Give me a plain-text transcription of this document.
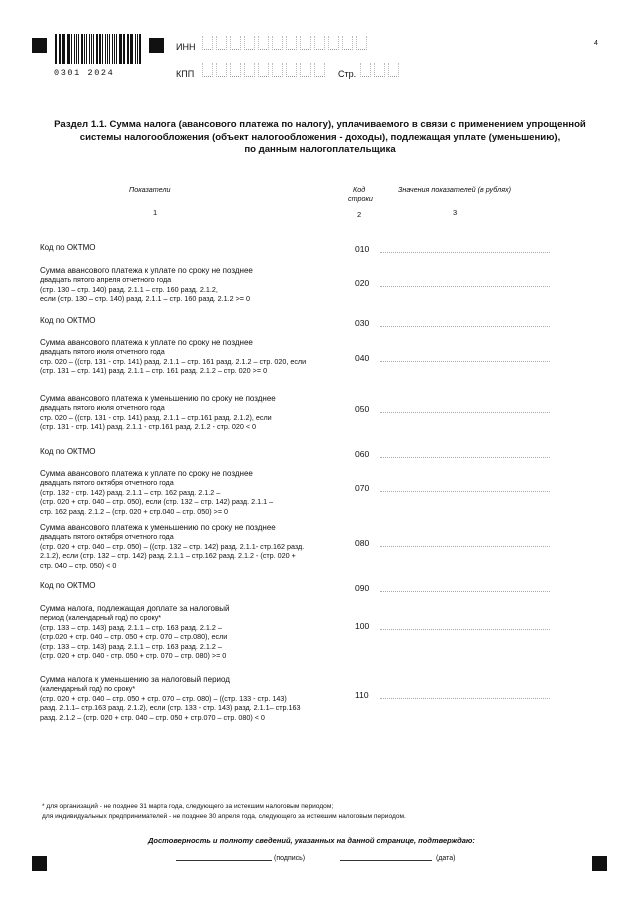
0301 2024
ИНН
КПП	Стр.
4
Раздел 1.1. Сумма налога (авансового платежа по налогу), уплачиваемого в связи с применением упрощенной
системы налогообложения (объект налогообложения - доходы), подлежащая уплате (уменьшению),
по данным налогоплательщика
Показатели	Код
строки
Значения показателей (в рублях)
1	2	3
Код по ОКТМО	010
Сумма авансового платежа к уплате по сроку не позднее
двадцать пятого апреля отчетного года
(стр. 130 – стр. 140) разд. 2.1.1 – стр. 160 разд. 2.1.2,
если (стр. 130 – стр. 140) разд. 2.1.1 – стр. 160 разд. 2.1.2 >= 0
020
Код по ОКТМО	030
Сумма авансового платежа к уплате по сроку не позднее
двадцать пятого июля отчетного года
стр. 020 – ((стр. 131 - стр. 141) разд. 2.1.1 – стр. 161 разд. 2.1.2 – стр. 020, если
(стр. 131 – стр. 141) разд. 2.1.1 – стр. 161 разд. 2.1.2 – стр. 020 >= 0
040
Сумма авансового платежа к уменьшению по сроку не позднее
двадцать пятого июля отчетного года
стр. 020 – ((стр. 131 - стр. 141) разд. 2.1.1 – стр.161 разд. 2.1.2), если
(стр. 131 - стр. 141) разд. 2.1.1 - стр.161 разд. 2.1.2 - стр. 020 < 0
050
Код по ОКТМО	060
Сумма авансового платежа к уплате по сроку не позднее
двадцать пятого октября отчетного года
(стр. 132 - стр. 142) разд. 2.1.1 – стр. 162 разд. 2.1.2 –
(стр. 020 + стр. 040 – стр. 050), если (стр. 132 – стр. 142) разд. 2.1.1 –
стр. 162 разд. 2.1.2 – (стр. 020 + стр.040 – стр. 050) >= 0
070
Сумма авансового платежа к уменьшению по сроку не позднее
двадцать пятого октября отчетного года
(стр. 020 + стр. 040 – стр. 050) – ((стр. 132 – стр. 142) разд. 2.1.1- стр.162 разд.
2.1.2), если (стр. 132 – стр. 142) разд. 2.1.1 – стр.162 разд. 2.1.2 - (стр. 020 +
стр. 040 – стр. 050) < 0
080
Код по ОКТМО	090
Сумма налога, подлежащая доплате за налоговый
период (календарный год) по сроку*
(стр. 133 – стр. 143) разд. 2.1.1 – стр. 163 разд. 2.1.2 –
(стр.020 + стр. 040 – стр. 050 + стр. 070 – стр.080), если
(стр. 133 – стр. 143) разд. 2.1.1 – стр. 163 разд. 2.1.2 –
(стр. 020 + стр. 040 - стр. 050 + стр. 070 – стр. 080) >= 0
100
Сумма налога к уменьшению за налоговый период
(календарный год) по сроку*
(стр. 020 + стр. 040 – стр. 050 + стр. 070 – стр. 080) – ((стр. 133 - стр. 143)
разд. 2.1.1– стр.163 разд. 2.1.2), если (стр. 133 - стр. 143) разд. 2.1.1– стр.163
разд. 2.1.2 – (стр. 020 + стр. 040 – стр. 050 + стр.070 – стр. 080) < 0
110
* для организаций - не позднее 31 марта года, следующего за истекшим налоговым периодом;
для индивидуальных предпринимателей - не позднее 30 апреля года, следующего за истекшим налоговым периодом.
Достоверность и полноту сведений, указанных на данной странице, подтверждаю:
(подпись)	(дата)
